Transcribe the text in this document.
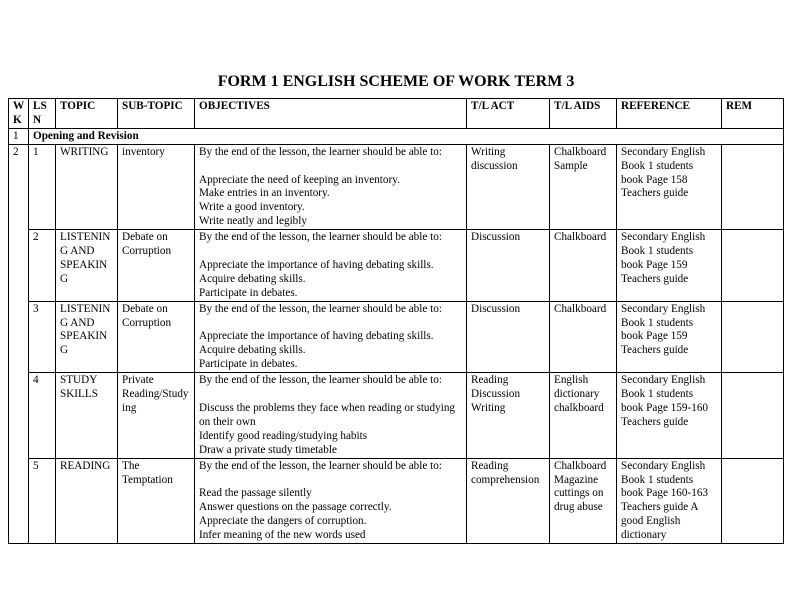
FORM 1 ENGLISH SCHEME OF WORK TERM 3
W K	LS N	TOPIC	SUB-TOPIC	OBJECTIVES	T/L ACT	T/L AIDS	REFERENCE	REM
1	Opening and Revision							
2	1	WRITING	inventory	By the end of the lesson, the learner should be able to:
Appreciate the need of keeping an inventory.
Make entries in an inventory.
Write a good inventory.
Write neatly and legibly	Writing discussion	Chalkboard Sample	Secondary English Book 1 students book Page 158 Teachers guide	
	2	LISTENING AND SPEAKING	Debate on Corruption	By the end of the lesson, the learner should be able to:
Appreciate the importance of having debating skills.
Acquire debating skills.
Participate in debates.	Discussion	Chalkboard	Secondary English Book 1 students book Page 159 Teachers guide	
	3	LISTENING AND SPEAKING	Debate on Corruption	By the end of the lesson, the learner should be able to:
Appreciate the importance of having debating skills.
Acquire debating skills.
Participate in debates.	Discussion	Chalkboard	Secondary English Book 1 students book Page 159 Teachers guide	
	4	STUDY SKILLS	Private Reading/Studying	By the end of the lesson, the learner should be able to:
Discuss the problems they face when reading or studying on their own
Identify good reading/studying habits
Draw a private study timetable	Reading Discussion Writing	English dictionary chalkboard	Secondary English Book 1 students book Page 159-160 Teachers guide	
	5	READING	The Temptation	By the end of the lesson, the learner should be able to:
Read the passage silently
Answer questions on the passage correctly.
Appreciate the dangers of corruption.
Infer meaning of the new words used	Reading comprehension	Chalkboard Magazine cuttings on drug abuse	Secondary English Book 1 students book Page 160-163 Teachers guide A good English dictionary	
